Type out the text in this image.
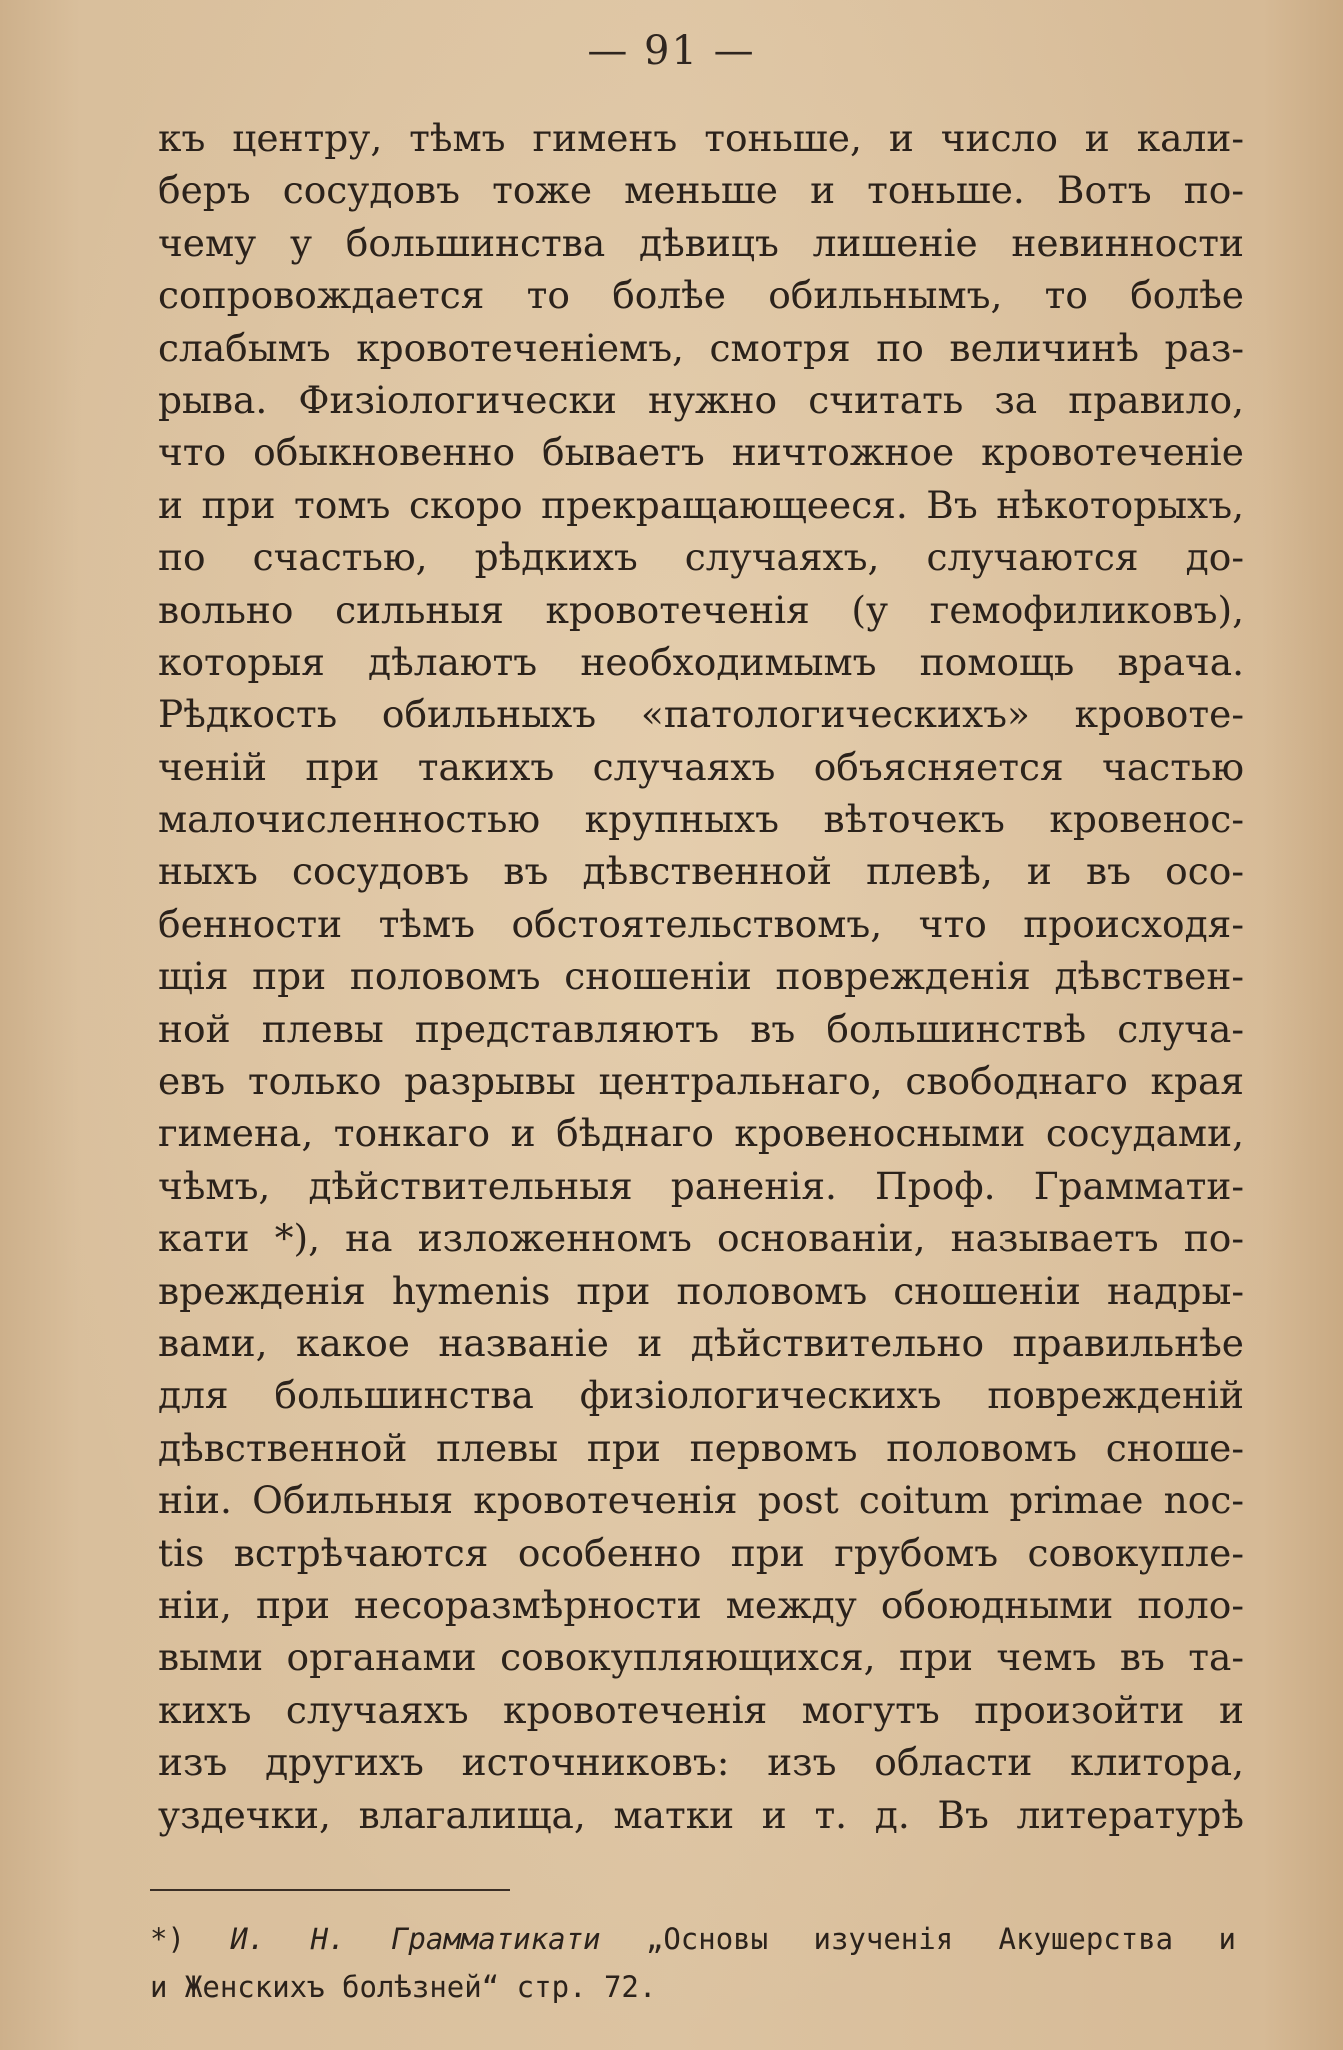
— 91 —
къ центру, тѣмъ гименъ тоньше, и число и кали-
беръ сосудовъ тоже меньше и тоньше. Вотъ по-
чему у большинства дѣвицъ лишеніе невинности
сопровождается то болѣе обильнымъ, то болѣе
слабымъ кровотеченіемъ, смотря по величинѣ раз-
рыва. Физіологически нужно считать за правило,
что обыкновенно бываетъ ничтожное кровотеченіе
и при томъ скоро прекращающееся. Въ нѣкоторыхъ,
по счастью, рѣдкихъ случаяхъ, случаются до-
вольно сильныя кровотеченія (у гемофиликовъ),
которыя дѣлаютъ необходимымъ помощь врача.
Рѣдкость обильныхъ «патологическихъ» кровоте-
ченій при такихъ случаяхъ объясняется частью
малочисленностью крупныхъ вѣточекъ кровенос-
ныхъ сосудовъ въ дѣвственной плевѣ, и въ осо-
бенности тѣмъ обстоятельствомъ, что происходя-
щія при половомъ сношеніи поврежденія дѣвствен-
ной плевы представляютъ въ большинствѣ случа-
евъ только разрывы центральнаго, свободнаго края
гимена, тонкаго и бѣднаго кровеносными сосудами,
чѣмъ, дѣйствительныя раненія. Проф. Граммати-
кати *), на изложенномъ основаніи, называетъ по-
врежденія hymenis при половомъ сношеніи надры-
вами, какое названіе и дѣйствительно правильнѣе
для большинства физіологическихъ поврежденій
дѣвственной плевы при первомъ половомъ сноше-
ніи. Обильныя кровотеченія post coitum primae noc-
tis встрѣчаются особенно при грубомъ совокупле-
ніи, при несоразмѣрности между обоюдными поло-
выми органами совокупляющихся, при чемъ въ та-
кихъ случаяхъ кровотеченія могутъ произойти и
изъ другихъ источниковъ: изъ области клитора,
уздечки, влагалища, матки и т. д. Въ литературѣ
*) И. Н. Грамматикати „Основы изученія Акушерства и
и Женскихъ болѣзней“ стр. 72.
